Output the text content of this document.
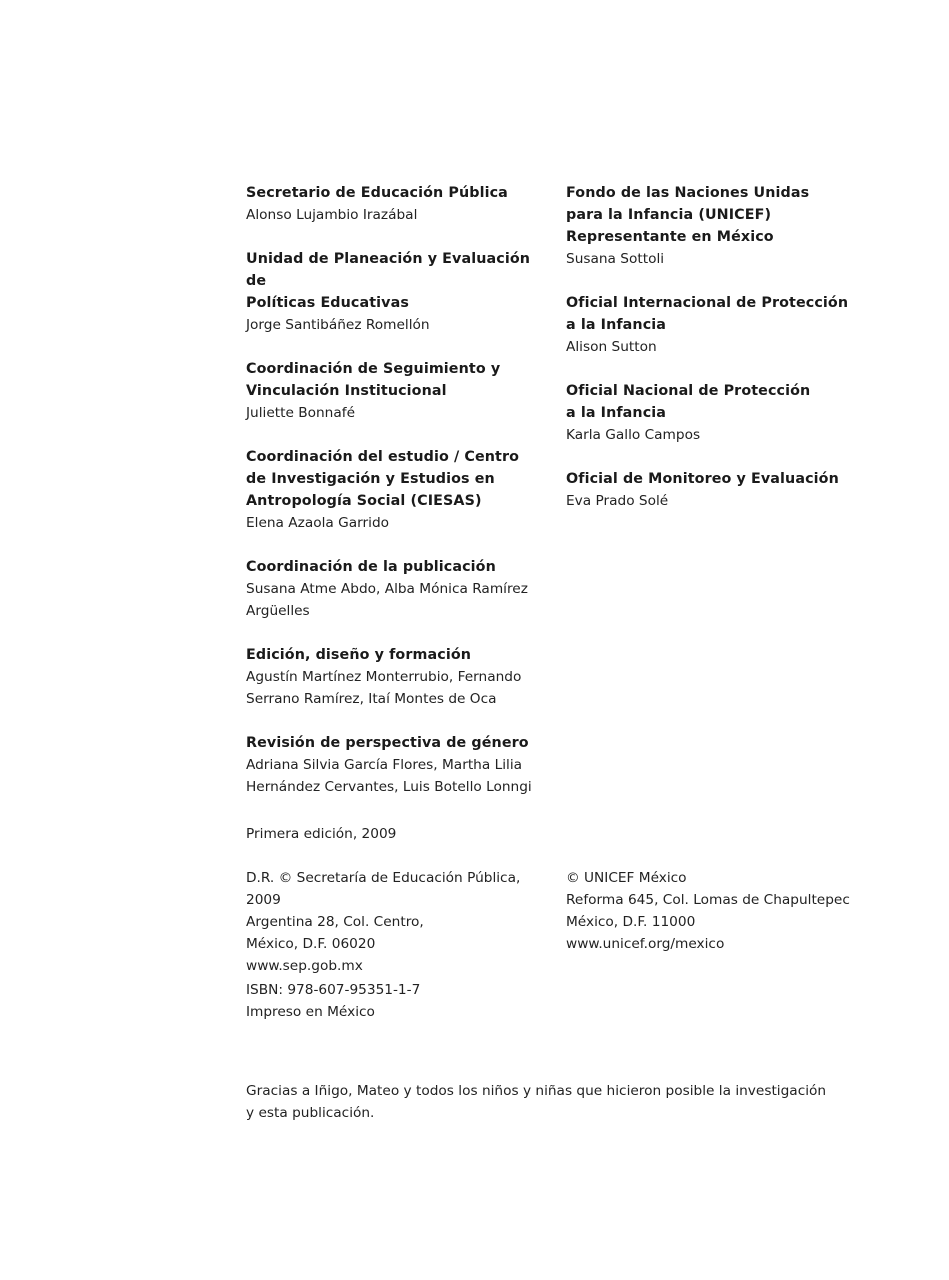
Secretario de Educación Pública
Alonso Lujambio Irazábal
Unidad de Planeación y Evaluación de
Políticas Educativas
Jorge Santibáñez Romellón
Coordinación de Seguimiento y
Vinculación Institucional
Juliette Bonnafé
Coordinación del estudio / Centro
de Investigación y Estudios en
Antropología Social (CIESAS)
Elena Azaola Garrido
Coordinación de la publicación
Susana Atme Abdo, Alba Mónica Ramírez
Argüelles
Edición, diseño y formación
Agustín Martínez Monterrubio, Fernando
Serrano Ramírez, Itaí Montes de Oca
Revisión de perspectiva de género
Adriana Silvia García Flores, Martha Lilia
Hernández Cervantes, Luis Botello Lonngi
Fondo de las Naciones Unidas
para la Infancia (UNICEF)
Representante en México
Susana Sottoli
Oficial Internacional de Protección
a la Infancia
Alison Sutton
Oficial Nacional de Protección
a la Infancia
Karla Gallo Campos
Oficial de Monitoreo y Evaluación
Eva Prado Solé
Primera edición, 2009
D.R. © Secretaría de Educación Pública, 2009
Argentina 28, Col. Centro,
México, D.F. 06020
www.sep.gob.mx
© UNICEF México
Reforma 645, Col. Lomas de Chapultepec
México, D.F. 11000
www.unicef.org/mexico
ISBN: 978-607-95351-1-7
Impreso en México
Gracias a Iñigo, Mateo y todos los niños y niñas que hicieron posible la investigación y esta publicación.
